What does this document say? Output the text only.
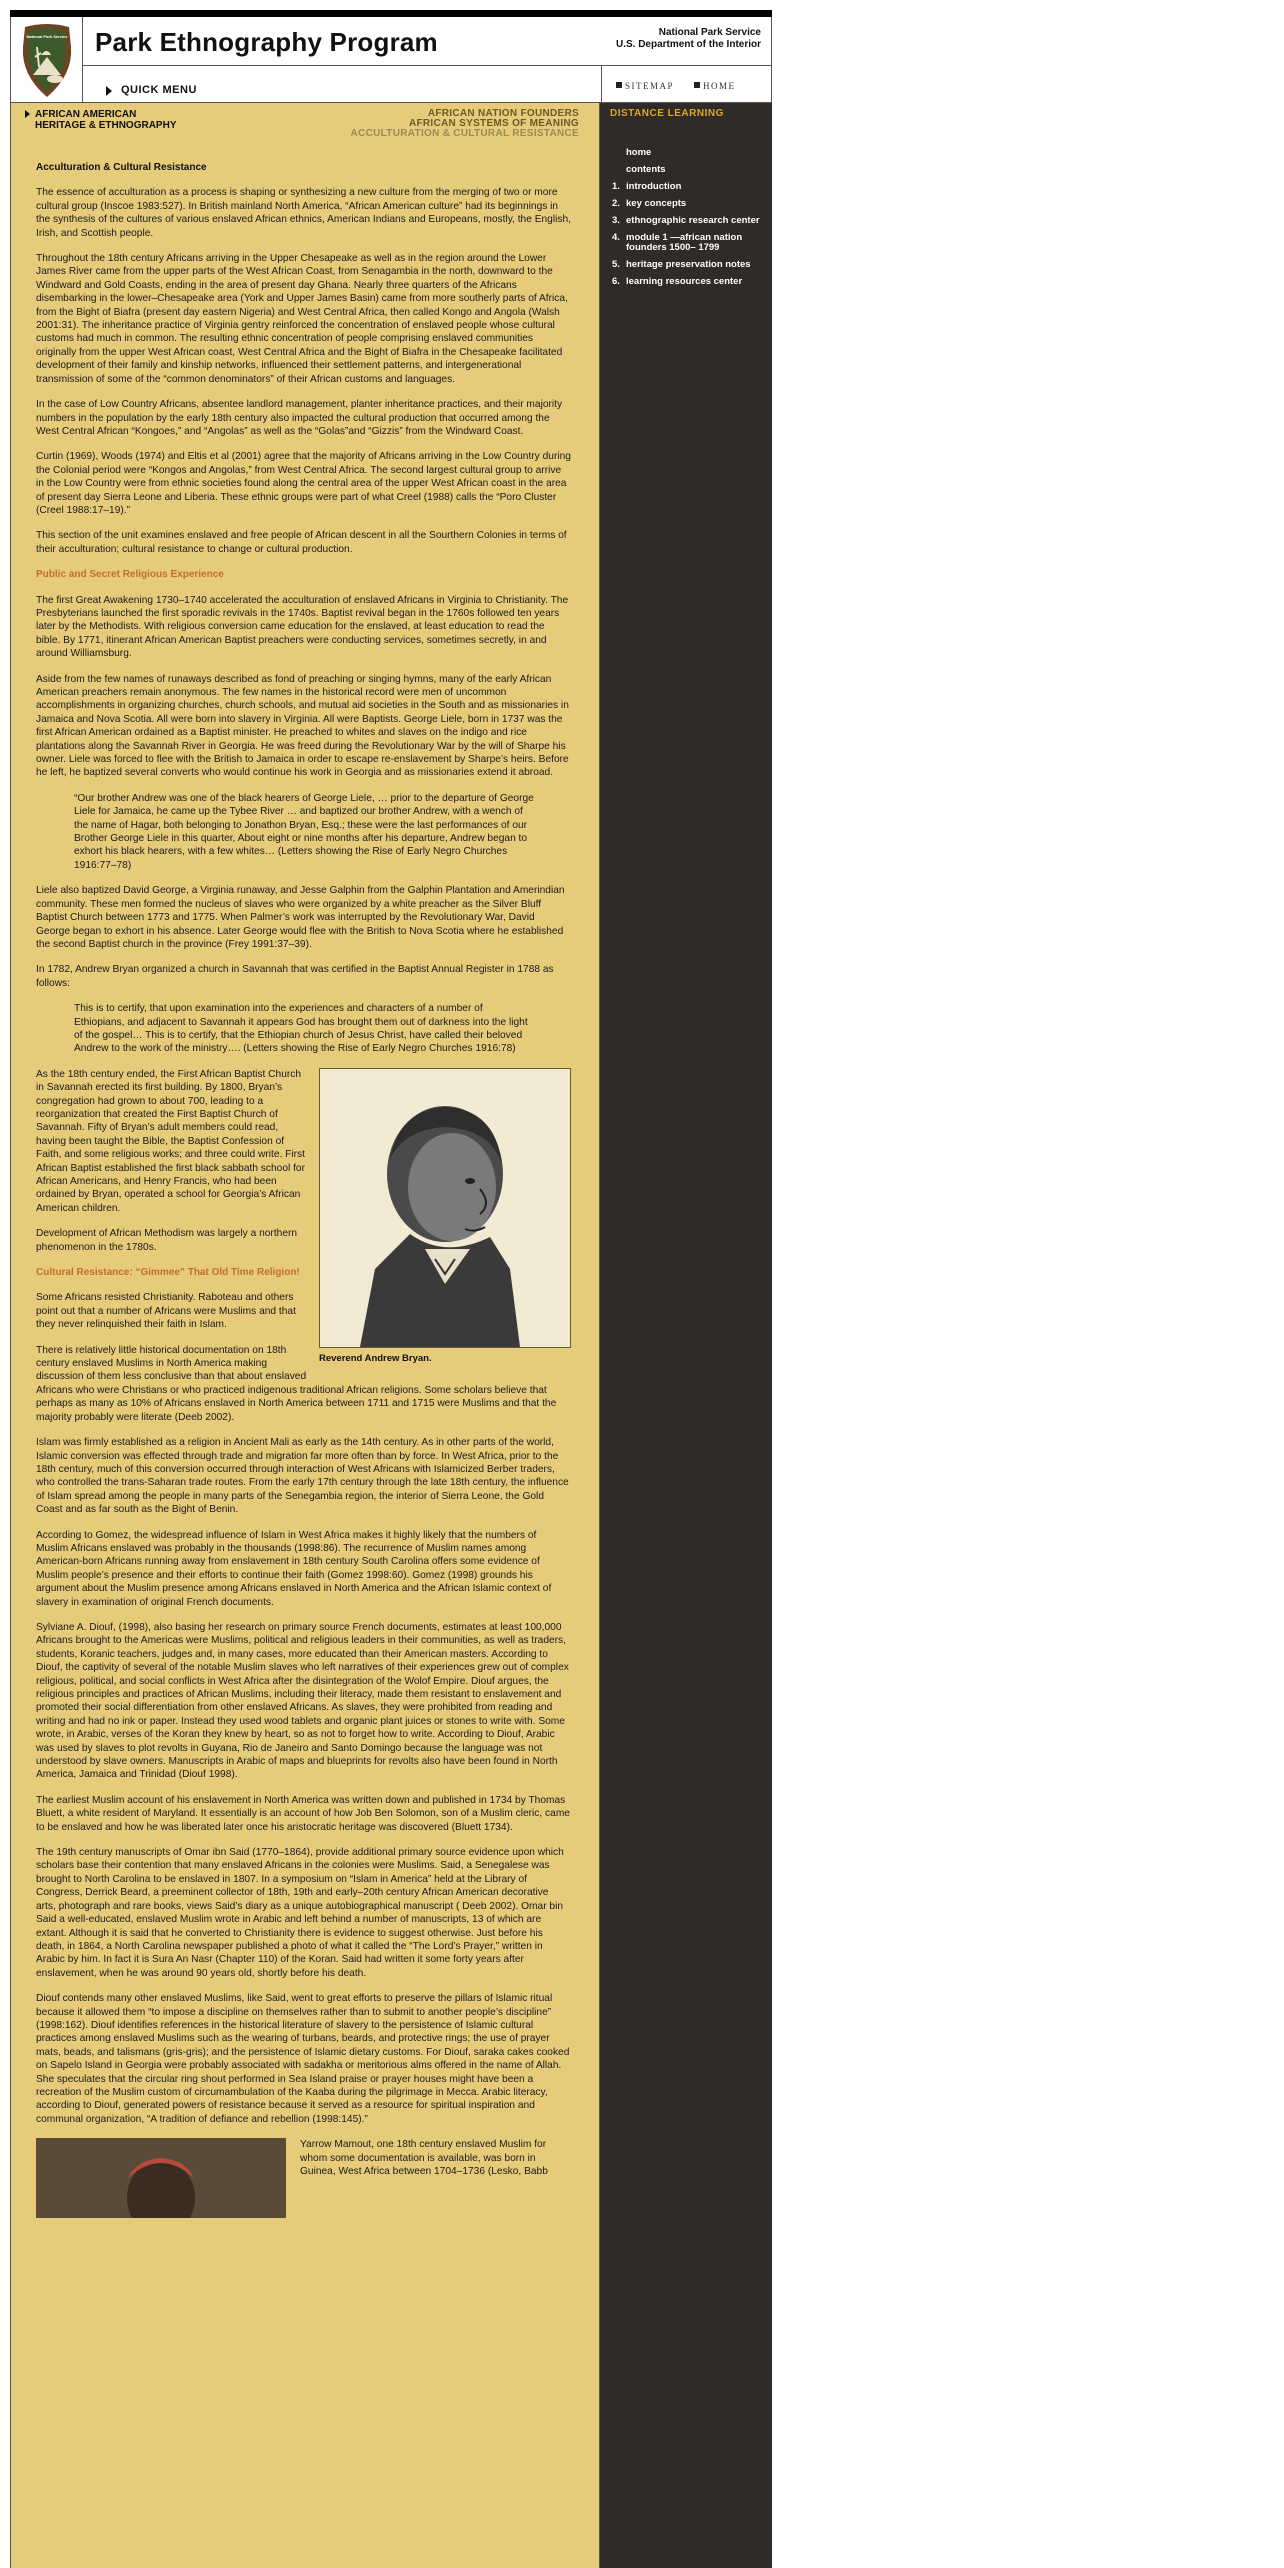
National Park Service Park Ethnography Program	National Park Service
U.S. Department of the Interior
QUICK MENU	SITEMAP	HOME
AFRICAN AMERICAN
HERITAGE & ETHNOGRAPHY
AFRICAN NATION FOUNDERS
AFRICAN SYSTEMS OF MEANING
ACCULTURATION & CULTURAL RESISTANCE
Acculturation & Cultural Resistance

The essence of acculturation as a process is shaping or synthesizing a new culture from the merging of two or more cultural group (Inscoe 1983:527). In British mainland North America, “African American culture” had its beginnings in the synthesis of the cultures of various enslaved African ethnics, American Indians and Europeans, mostly, the English, Irish, and Scottish people.

Throughout the 18th century Africans arriving in the Upper Chesapeake as well as in the region around the Lower James River came from the upper parts of the West African Coast, from Senagambia in the north, downward to the Windward and Gold Coasts, ending in the area of present day Ghana. Nearly three quarters of the Africans disembarking in the lower–Chesapeake area (York and Upper James Basin) came from more southerly parts of Africa, from the Bight of Biafra (present day eastern Nigeria) and West Central Africa, then called Kongo and Angola (Walsh 2001:31). The inheritance practice of Virginia gentry reinforced the concentration of enslaved people whose cultural customs had much in common. The resulting ethnic concentration of people comprising enslaved communities originally from the upper West African coast, West Central Africa and the Bight of Biafra in the Chesapeake facilitated development of their family and kinship networks, influenced their settlement patterns, and intergenerational transmission of some of the “common denominators” of their African customs and languages.

In the case of Low Country Africans, absentee landlord management, planter inheritance practices, and their majority numbers in the population by the early 18th century also impacted the cultural production that occurred among the West Central African “Kongoes,” and “Angolas” as well as the “Golas”and “Gizzis” from the Windward Coast.

Curtin (1969), Woods (1974) and Eltis et al (2001) agree that the majority of Africans arriving in the Low Country during the Colonial period were “Kongos and Angolas,” from West Central Africa. The second largest cultural group to arrive in the Low Country were from ethnic societies found along the central area of the upper West African coast in the area of present day Sierra Leone and Liberia. These ethnic groups were part of what Creel (1988) calls the “Poro Cluster (Creel 1988:17–19).”

This section of the unit examines enslaved and free people of African descent in all the Sourthern Colonies in terms of their acculturation; cultural resistance to change or cultural production.

Public and Secret Religious Experience

The first Great Awakening 1730–1740 accelerated the acculturation of enslaved Africans in Virginia to Christianity. The Presbyterians launched the first sporadic revivals in the 1740s. Baptist revival began in the 1760s followed ten years later by the Methodists. With religious conversion came education for the enslaved, at least education to read the bible. By 1771, itinerant African American Baptist preachers were conducting services, sometimes secretly, in and around Williamsburg.

Aside from the few names of runaways described as fond of preaching or singing hymns, many of the early African American preachers remain anonymous. The few names in the historical record were men of uncommon accomplishments in organizing churches, church schools, and mutual aid societies in the South and as missionaries in Jamaica and Nova Scotia. All were born into slavery in Virginia. All were Baptists. George Liele, born in 1737 was the first African American ordained as a Baptist minister. He preached to whites and slaves on the indigo and rice plantations along the Savannah River in Georgia. He was freed during the Revolutionary War by the will of Sharpe his owner. Liele was forced to flee with the British to Jamaica in order to escape re-enslavement by Sharpe’s heirs. Before he left, he baptized several converts who would continue his work in Georgia and as missionaries extend it abroad.

“Our brother Andrew was one of the black hearers of George Liele, … prior to the departure of George Liele for Jamaica, he came up the Tybee River … and baptized our brother Andrew, with a wench of the name of Hagar, both belonging to Jonathon Bryan, Esq.; these were the last performances of our Brother George Liele in this quarter, About eight or nine months after his departure, Andrew began to exhort his black hearers, with a few whites… (Letters showing the Rise of Early Negro Churches 1916:77–78)

Liele also baptized David George, a Virginia runaway, and Jesse Galphin from the Galphin Plantation and Amerindian community. These men formed the nucleus of slaves who were organized by a white preacher as the Silver Bluff Baptist Church between 1773 and 1775. When Palmer’s work was interrupted by the Revolutionary War, David George began to exhort in his absence. Later George would flee with the British to Nova Scotia where he established the second Baptist church in the province (Frey 1991:37–39).

In 1782, Andrew Bryan organized a church in Savannah that was certified in the Baptist Annual Register in 1788 as follows:

This is to certify, that upon examination into the experiences and characters of a number of Ethiopians, and adjacent to Savannah it appears God has brought them out of darkness into the light of the gospel… This is to certify, that the Ethiopian church of Jesus Christ, have called their beloved Andrew to the work of the ministry…. (Letters showing the Rise of Early Negro Churches 1916:78)
Reverend Andrew Bryan.

As the 18th century ended, the First African Baptist Church in Savannah erected its first building. By 1800, Bryan’s congregation had grown to about 700, leading to a reorganization that created the First Baptist Church of Savannah. Fifty of Bryan’s adult members could read, having been taught the Bible, the Baptist Confession of Faith, and some religious works; and three could write. First African Baptist established the first black sabbath school for African Americans, and Henry Francis, who had been ordained by Bryan, operated a school for Georgia’s African American children.

Development of African Methodism was largely a northern phenomenon in the 1780s.

Cultural Resistance: “Gimmee” That Old Time Religion!

Some Africans resisted Christianity. Raboteau and others point out that a number of Africans were Muslims and that they never relinquished their faith in Islam.

There is relatively little historical documentation on 18th century enslaved Muslims in North America making discussion of them less conclusive than that about enslaved Africans who were Christians or who practiced indigenous traditional African religions. Some scholars believe that perhaps as many as 10% of Africans enslaved in North America between 1711 and 1715 were Muslims and that the majority probably were literate (Deeb 2002).

Islam was firmly established as a religion in Ancient Mali as early as the 14th century. As in other parts of the world, Islamic conversion was effected through trade and migration far more often than by force. In West Africa, prior to the 18th century, much of this conversion occurred through interaction of West Africans with Islamicized Berber traders, who controlled the trans-Saharan trade routes. From the early 17th century through the late 18th century, the influence of Islam spread among the people in many parts of the Senegambia region, the interior of Sierra Leone, the Gold Coast and as far south as the Bight of Benin.

According to Gomez, the widespread influence of Islam in West Africa makes it highly likely that the numbers of Muslim Africans enslaved was probably in the thousands (1998:86). The recurrence of Muslim names among American-born Africans running away from enslavement in 18th century South Carolina offers some evidence of Muslim people’s presence and their efforts to continue their faith (Gomez 1998:60). Gomez (1998) grounds his argument about the Muslim presence among Africans enslaved in North America and the African Islamic context of slavery in examination of original French documents.

Sylviane A. Diouf, (1998), also basing her research on primary source French documents, estimates at least 100,000 Africans brought to the Americas were Muslims, political and religious leaders in their communities, as well as traders, students, Koranic teachers, judges and, in many cases, more educated than their American masters. According to Diouf, the captivity of several of the notable Muslim slaves who left narratives of their experiences grew out of complex religious, political, and social conflicts in West Africa after the disintegration of the Wolof Empire. Diouf argues, the religious principles and practices of African Muslims, including their literacy, made them resistant to enslavement and promoted their social differentiation from other enslaved Africans. As slaves, they were prohibited from reading and writing and had no ink or paper. Instead they used wood tablets and organic plant juices or stones to write with. Some wrote, in Arabic, verses of the Koran they knew by heart, so as not to forget how to write. According to Diouf, Arabic was used by slaves to plot revolts in Guyana, Rio de Janeiro and Santo Domingo because the language was not understood by slave owners. Manuscripts in Arabic of maps and blueprints for revolts also have been found in North America, Jamaica and Trinidad (Diouf 1998).

The earliest Muslim account of his enslavement in North America was written down and published in 1734 by Thomas Bluett, a white resident of Maryland. It essentially is an account of how Job Ben Solomon, son of a Muslim cleric, came to be enslaved and how he was liberated later once his aristocratic heritage was discovered (Bluett 1734).

The 19th century manuscripts of Omar ibn Said (1770–1864), provide additional primary source evidence upon which scholars base their contention that many enslaved Africans in the colonies were Muslims. Said, a Senegalese was brought to North Carolina to be enslaved in 1807. In a symposium on “Islam in America” held at the Library of Congress, Derrick Beard, a preeminent collector of 18th, 19th and early–20th century African American decorative arts, photograph and rare books, views Said’s diary as a unique autobiographical manuscript ( Deeb 2002). Omar bin Said a well-educated, enslaved Muslim wrote in Arabic and left behind a number of manuscripts, 13 of which are extant. Although it is said that he converted to Christianity there is evidence to suggest otherwise. Just before his death, in 1864, a North Carolina newspaper published a photo of what it called the “The Lord’s Prayer,” written in Arabic by him. In fact it is Sura An Nasr (Chapter 110) of the Koran. Said had written it some forty years after enslavement, when he was around 90 years old, shortly before his death.

Diouf contends many other enslaved Muslims, like Said, went to great efforts to preserve the pillars of Islamic ritual because it allowed them “to impose a discipline on themselves rather than to submit to another people’s discipline” (1998:162). Diouf identifies references in the historical literature of slavery to the persistence of Islamic cultural practices among enslaved Muslims such as the wearing of turbans, beards, and protective rings; the use of prayer mats, beads, and talismans (gris-gris); and the persistence of Islamic dietary customs. For Diouf, saraka cakes cooked on Sapelo Island in Georgia were probably associated with sadakha or meritorious alms offered in the name of Allah. She speculates that the circular ring shout performed in Sea Island praise or prayer houses might have been a recreation of the Muslim custom of circumambulation of the Kaaba during the pilgrimage in Mecca. Arabic literacy, according to Diouf, generated powers of resistance because it served as a resource for spiritual inspiration and communal organization, “A tradition of defiance and rebellion (1998:145).”

Yarrow Mamout, one 18th century enslaved Muslim for whom some documentation is available, was born in Guinea, West Africa between 1704–1736 (Lesko, Babb

DISTANCE LEARNING
home
contents
1. introduction
2. key concepts
3. ethnographic research center
4. module 1 —african nation founders 1500– 1799
5. heritage preservation notes
6. learning resources center
